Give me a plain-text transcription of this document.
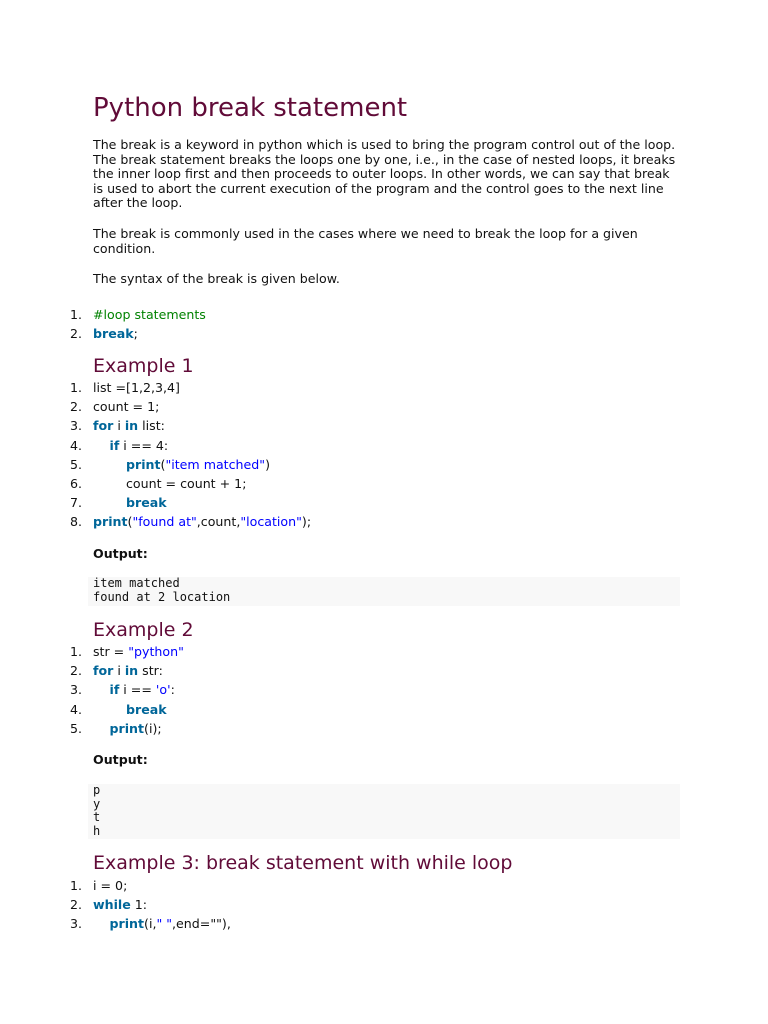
Python break statement

The break is a keyword in python which is used to bring the program control out of the loop. The break statement breaks the loops one by one, i.e., in the case of nested loops, it breaks the inner loop first and then proceeds to outer loops. In other words, we can say that break is used to abort the current execution of the program and the control goes to the next line after the loop.

The break is commonly used in the cases where we need to break the loop for a given condition.

The syntax of the break is given below.

1. #loop statements
2. break;
Example 1
1. list =[1,2,3,4]
2. count = 1;
3. for i in list:
4.	if i == 4:
5.	print("item matched")
6.	count = count + 1;
7.	break
8. print("found at",count,"location");

Output:

item matched
found at 2 location
Example 2
1. str = "python"
2. for i in str:
3.	if i == 'o':
4.	break
5.	print(i);

Output:

p
y
t
h
Example 3: break statement with while loop
1. i = 0;
2. while 1:
3.	print(i," ",end=""),
